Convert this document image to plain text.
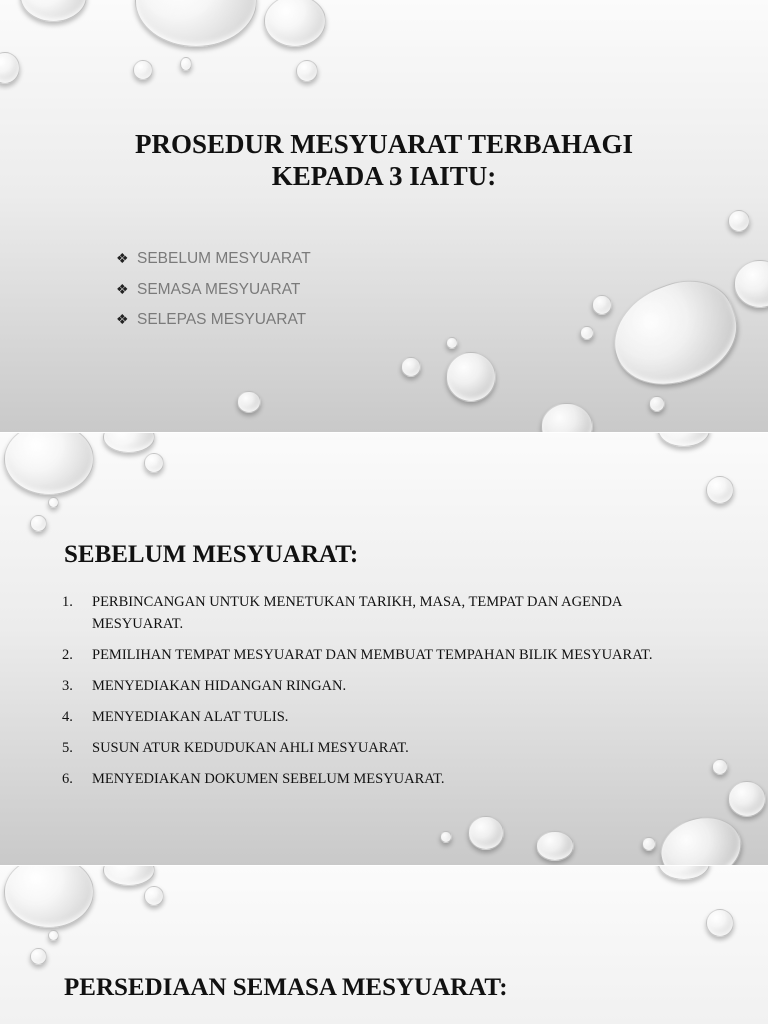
PROSEDUR MESYUARAT TERBAHAGI
KEPADA 3 IAITU:
❖ SEBELUM MESYUARAT
❖ SEMASA MESYUARAT
❖ SELEPAS MESYUARAT
SEBELUM MESYUARAT:
1.	PERBINCANGAN UNTUK MENETUKAN TARIKH, MASA, TEMPAT DAN AGENDA MESYUARAT.
2.	PEMILIHAN TEMPAT MESYUARAT DAN MEMBUAT TEMPAHAN BILIK MESYUARAT.
3.	MENYEDIAKAN HIDANGAN RINGAN.
4.	MENYEDIAKAN ALAT TULIS.
5.	SUSUN ATUR KEDUDUKAN AHLI MESYUARAT.
6.	MENYEDIAKAN DOKUMEN SEBELUM MESYUARAT.
PERSEDIAAN SEMASA MESYUARAT:
